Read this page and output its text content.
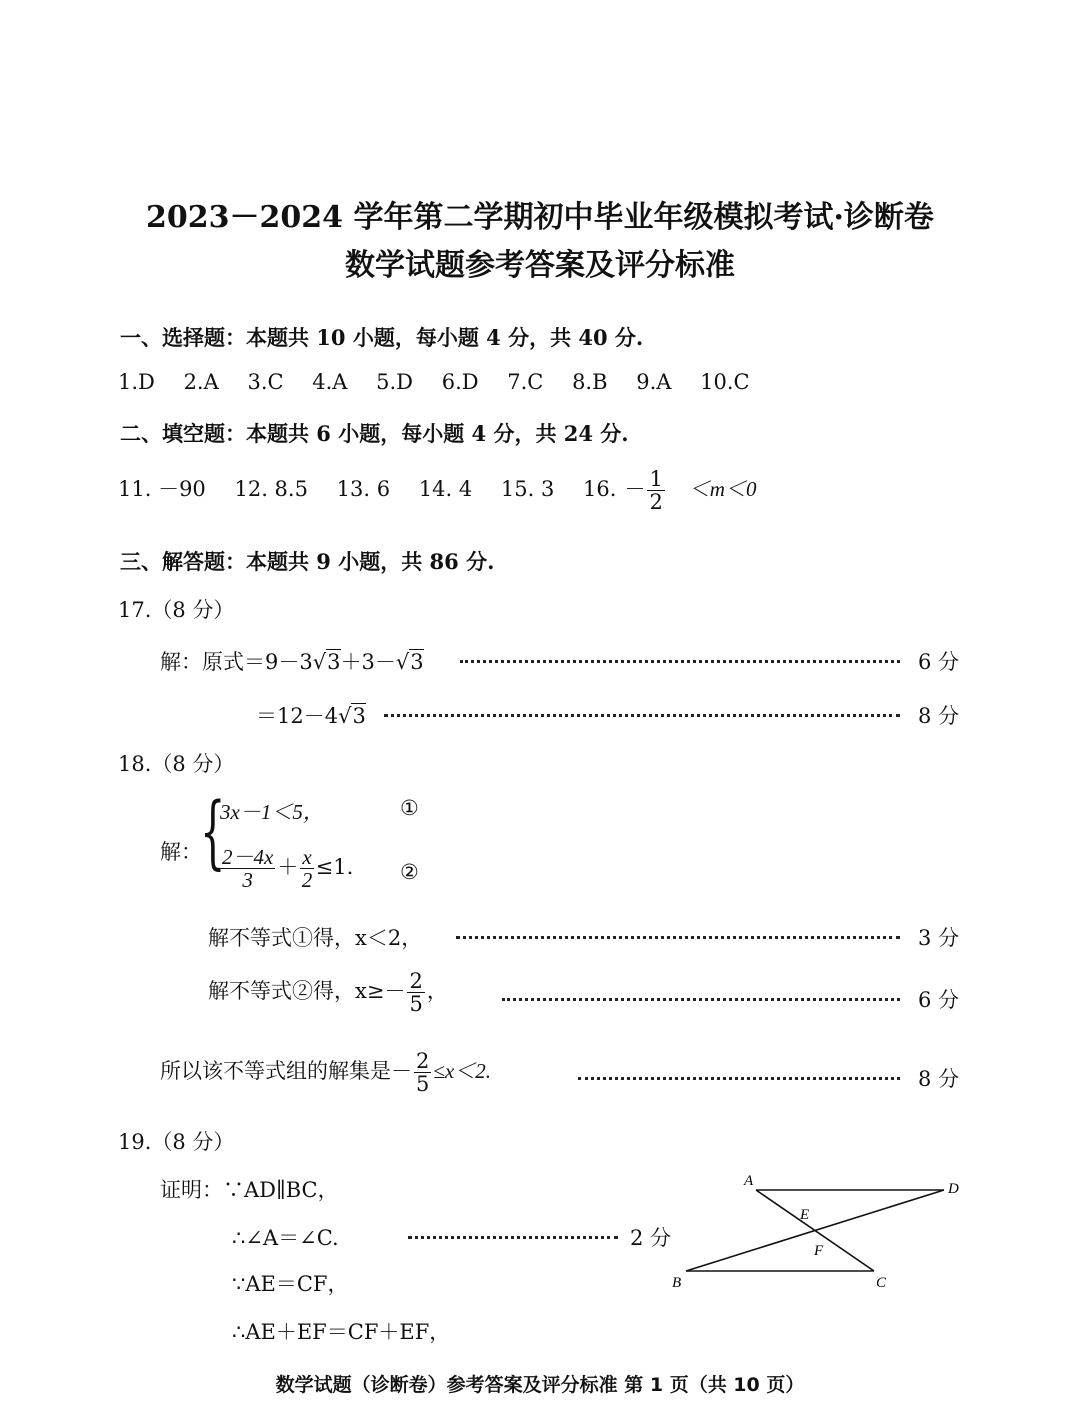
2023－2024 学年第二学期初中毕业年级模拟考试·诊断卷
数学试题参考答案及评分标准
一、选择题：本题共 10 小题，每小题 4 分，共 40 分.
1.D 2.A 3.C 4.A 5.D 6.D 7.C 8.B 9.A 10.C
二、填空题：本题共 6 小题，每小题 4 分，共 24 分.
11. －90 12. 8.5 13. 6 14. 4 15. 3 16. － $\frac{1}{2} <m<0$
三、解答题：本题共 9 小题，共 86 分.
17.（8 分）
解：原式＝9－3√3＋3－√3	6 分
＝12－4√3	8 分
18.（8 分）
解：
{
3x－1＜5，	①
$\frac{2-4x}{3} + \frac{x}{2} \le 1$. ②
解不等式①得，x＜2，	3 分
解不等式②得，$x\ge- \frac{2}{5}$ ，	6 分
所以该不等式组的解集是－ $\frac{2}{5} \le x<2$.	8 分
19.（8 分）
证明：∵AD∥BC，
∴∠A＝∠C.	2 分
∵AE＝CF，
∴AE＋EF＝CF＋EF，
A	D
E
F
B	C
数学试题（诊断卷）参考答案及评分标准 第 1 页（共 10 页）
